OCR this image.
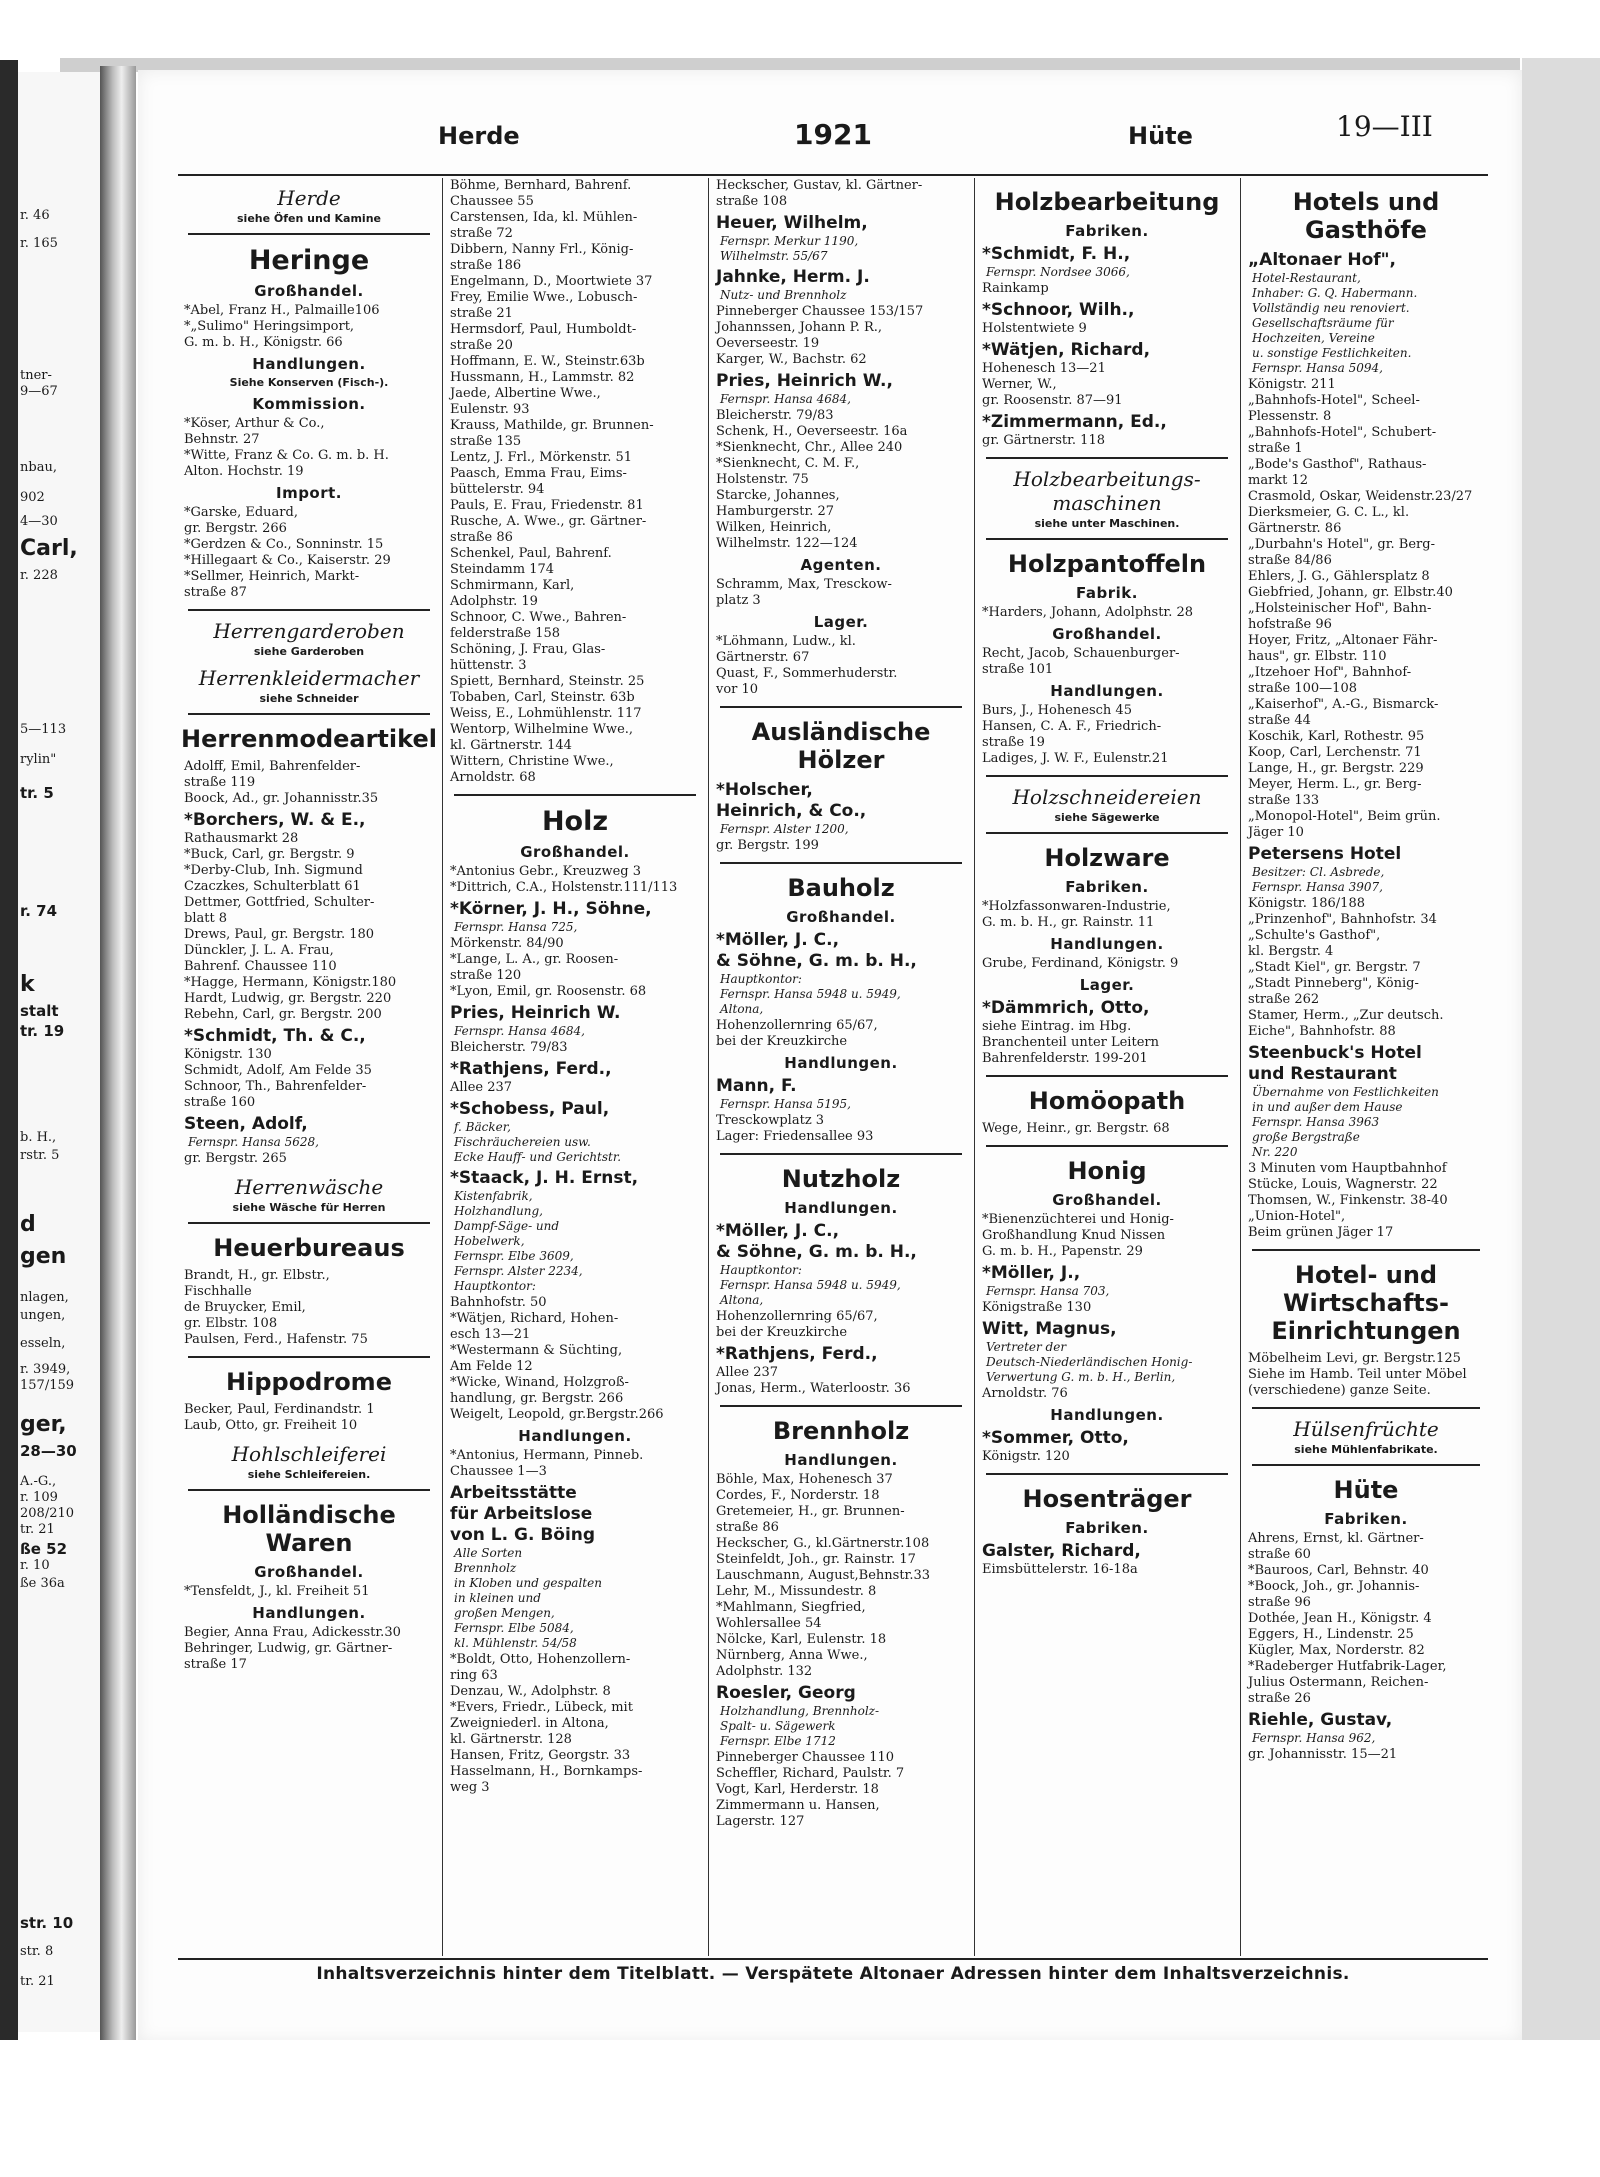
r. 46
r. 165
tner-
9—67
nbau,
902
4—30
Carl,
r. 228
5—113
rylin"
tr. 5
r. 74
k
stalt
tr. 19
b. H.,
rstr. 5
d
gen
nlagen,
ungen,
esseln,
r. 3949,
157/159
ger,
28—30
A.-G.,
r. 109
208/210
tr. 21
ße 52
r. 10
ße 36a
str. 10
str. 8
tr. 21
Herde	1921	Hüte	19—III
Herde
siehe Öfen und Kamine
Heringe
Großhandel.
*Abel, Franz H., Palmaille106
*„Sulimo" Heringsimport,
G. m. b. H., Königstr. 66
Handlungen.
Siehe Konserven (Fisch-).
Kommission.
*Köser, Arthur & Co.,
Behnstr. 27
*Witte, Franz & Co. G. m. b. H.
Alton. Hochstr. 19
Import.
*Garske, Eduard,
gr. Bergstr. 266
*Gerdzen & Co., Sonninstr. 15
*Hillegaart & Co., Kaiserstr. 29
*Sellmer, Heinrich, Markt-
straße 87
Herrengarderoben
siehe Garderoben
Herrenkleidermacher
siehe Schneider
Herrenmodeartikel
Adolff, Emil, Bahrenfelder-
straße 119
Boock, Ad., gr. Johannisstr.35
*Borchers, W. & E.,
Rathausmarkt 28
*Buck, Carl, gr. Bergstr. 9
*Derby-Club, Inh. Sigmund
Czaczkes, Schulterblatt 61
Dettmer, Gottfried, Schulter-
blatt 8
Drews, Paul, gr. Bergstr. 180
Dünckler, J. L. A. Frau,
Bahrenf. Chaussee 110
*Hagge, Hermann, Königstr.180
Hardt, Ludwig, gr. Bergstr. 220
Rebehn, Carl, gr. Bergstr. 200
*Schmidt, Th. & C.,
Königstr. 130
Schmidt, Adolf, Am Felde 35
Schnoor, Th., Bahrenfelder-
straße 160
Steen, Adolf,
Fernspr. Hansa 5628,
gr. Bergstr. 265
Herrenwäsche
siehe Wäsche für Herren
Heuerbureaus
Brandt, H., gr. Elbstr.,
Fischhalle
de Bruycker, Emil,
gr. Elbstr. 108
Paulsen, Ferd., Hafenstr. 75
Hippodrome
Becker, Paul, Ferdinandstr. 1
Laub, Otto, gr. Freiheit 10
Hohlschleiferei
siehe Schleifereien.
Holländische Waren
Großhandel.
*Tensfeldt, J., kl. Freiheit 51
Handlungen.
Begier, Anna Frau, Adickesstr.30
Behringer, Ludwig, gr. Gärtner-
straße 17
Böhme, Bernhard, Bahrenf.
Chaussee 55
Carstensen, Ida, kl. Mühlen-
straße 72
Dibbern, Nanny Frl., König-
straße 186
Engelmann, D., Moortwiete 37
Frey, Emilie Wwe., Lobusch-
straße 21
Hermsdorf, Paul, Humboldt-
straße 20
Hoffmann, E. W., Steinstr.63b
Hussmann, H., Lammstr. 82
Jaede, Albertine Wwe.,
Eulenstr. 93
Krauss, Mathilde, gr. Brunnen-
straße 135
Lentz, J. Frl., Mörkenstr. 51
Paasch, Emma Frau, Eims-
büttelerstr. 94
Pauls, E. Frau, Friedenstr. 81
Rusche, A. Wwe., gr. Gärtner-
straße 86
Schenkel, Paul, Bahrenf.
Steindamm 174
Schmirmann, Karl,
Adolphstr. 19
Schnoor, C. Wwe., Bahren-
felderstraße 158
Schöning, J. Frau, Glas-
hüttenstr. 3
Spiett, Bernhard, Steinstr. 25
Tobaben, Carl, Steinstr. 63b
Weiss, E., Lohmühlenstr. 117
Wentorp, Wilhelmine Wwe.,
kl. Gärtnerstr. 144
Wittern, Christine Wwe.,
Arnoldstr. 68
Holz
Großhandel.
*Antonius Gebr., Kreuzweg 3
*Dittrich, C.A., Holstenstr.111/113
*Körner, J. H., Söhne,
Fernspr. Hansa 725,
Mörkenstr. 84/90
*Lange, L. A., gr. Roosen-
straße 120
*Lyon, Emil, gr. Roosenstr. 68
Pries, Heinrich W.
Fernspr. Hansa 4684,
Bleicherstr. 79/83
*Rathjens, Ferd.,
Allee 237
*Schobess, Paul,
f. Bäcker,
Fischräuchereien usw.
Ecke Hauff- und Gerichtstr.
*Staack, J. H. Ernst,
Kistenfabrik,
Holzhandlung,
Dampf-Säge- und
Hobelwerk,
Fernspr. Elbe 3609,
Fernspr. Alster 2234,
Hauptkontor:
Bahnhofstr. 50
*Wätjen, Richard, Hohen-
esch 13—21
*Westermann & Süchting,
Am Felde 12
*Wicke, Winand, Holzgroß-
handlung, gr. Bergstr. 266
Weigelt, Leopold, gr.Bergstr.266
Handlungen.
*Antonius, Hermann, Pinneb.
Chaussee 1—3
Arbeitsstätte
für Arbeitslose
von L. G. Böing
Alle Sorten
Brennholz
in Kloben und gespalten
in kleinen und
großen Mengen,
Fernspr. Elbe 5084,
kl. Mühlenstr. 54/58
*Boldt, Otto, Hohenzollern-
ring 63
Denzau, W., Adolphstr. 8
*Evers, Friedr., Lübeck, mit
Zweigniederl. in Altona,
kl. Gärtnerstr. 128
Hansen, Fritz, Georgstr. 33
Hasselmann, H., Bornkamps-
weg 3
Heckscher, Gustav, kl. Gärtner-
straße 108
Heuer, Wilhelm,
Fernspr. Merkur 1190,
Wilhelmstr. 55/67
Jahnke, Herm. J.
Nutz- und Brennholz
Pinneberger Chaussee 153/157
Johannssen, Johann P. R.,
Oeverseestr. 19
Karger, W., Bachstr. 62
Pries, Heinrich W.,
Fernspr. Hansa 4684,
Bleicherstr. 79/83
Schenk, H., Oeverseestr. 16a
*Sienknecht, Chr., Allee 240
*Sienknecht, C. M. F.,
Holstenstr. 75
Starcke, Johannes,
Hamburgerstr. 27
Wilken, Heinrich,
Wilhelmstr. 122—124
Agenten.
Schramm, Max, Tresckow-
platz 3
Lager.
*Löhmann, Ludw., kl.
Gärtnerstr. 67
Quast, F., Sommerhuderstr.
vor 10
Ausländische Hölzer
*Holscher,
Heinrich, & Co.,
Fernspr. Alster 1200,
gr. Bergstr. 199
Bauholz
Großhandel.
*Möller, J. C.,
& Söhne, G. m. b. H.,
Hauptkontor:
Fernspr. Hansa 5948 u. 5949,
Altona,
Hohenzollernring 65/67,
bei der Kreuzkirche
Handlungen.
Mann, F.
Fernspr. Hansa 5195,
Tresckowplatz 3
Lager: Friedensallee 93
Nutzholz
Handlungen.
*Möller, J. C.,
& Söhne, G. m. b. H.,
Hauptkontor:
Fernspr. Hansa 5948 u. 5949,
Altona,
Hohenzollernring 65/67,
bei der Kreuzkirche
*Rathjens, Ferd.,
Allee 237
Jonas, Herm., Waterloostr. 36
Brennholz
Handlungen.
Böhle, Max, Hohenesch 37
Cordes, F., Norderstr. 18
Gretemeier, H., gr. Brunnen-
straße 86
Heckscher, G., kl.Gärtnerstr.108
Steinfeldt, Joh., gr. Rainstr. 17
Lauschmann, August,Behnstr.33
Lehr, M., Missundestr. 8
*Mahlmann, Siegfried,
Wohlersallee 54
Nölcke, Karl, Eulenstr. 18
Nürnberg, Anna Wwe.,
Adolphstr. 132
Roesler, Georg
Holzhandlung, Brennholz-
Spalt- u. Sägewerk
Fernspr. Elbe 1712
Pinneberger Chaussee 110
Scheffler, Richard, Paulstr. 7
Vogt, Karl, Herderstr. 18
Zimmermann u. Hansen,
Lagerstr. 127
Holzbearbeitung
Fabriken.
*Schmidt, F. H.,
Fernspr. Nordsee 3066,
Rainkamp
*Schnoor, Wilh.,
Holstentwiete 9
*Wätjen, Richard,
Hohenesch 13—21
Werner, W.,
gr. Roosenstr. 87—91
*Zimmermann, Ed.,
gr. Gärtnerstr. 118
Holzbearbeitungs- maschinen
siehe unter Maschinen.
Holzpantoffeln
Fabrik.
*Harders, Johann, Adolphstr. 28
Großhandel.
Recht, Jacob, Schauenburger-
straße 101
Handlungen.
Burs, J., Hohenesch 45
Hansen, C. A. F., Friedrich-
straße 19
Ladiges, J. W. F., Eulenstr.21
Holzschneidereien
siehe Sägewerke
Holzware
Fabriken.
*Holzfassonwaren-Industrie,
G. m. b. H., gr. Rainstr. 11
Handlungen.
Grube, Ferdinand, Königstr. 9
Lager.
*Dämmrich, Otto,
siehe Eintrag. im Hbg.
Branchenteil unter Leitern
Bahrenfelderstr. 199-201
Homöopath
Wege, Heinr., gr. Bergstr. 68
Honig
Großhandel.
*Bienenzüchterei und Honig-
Großhandlung Knud Nissen
G. m. b. H., Papenstr. 29
*Möller, J.,
Fernspr. Hansa 703,
Königstraße 130
Witt, Magnus,
Vertreter der
Deutsch-Niederländischen Honig-
Verwertung G. m. b. H., Berlin,
Arnoldstr. 76
Handlungen.
*Sommer, Otto,
Königstr. 120
Hosenträger
Fabriken.
Galster, Richard,
Eimsbüttelerstr. 16-18a
Hotels und Gasthöfe
„Altonaer Hof",
Hotel-Restaurant,
Inhaber: G. Q. Habermann.
Vollständig neu renoviert.
Gesellschaftsräume für
Hochzeiten, Vereine
u. sonstige Festlichkeiten.
Fernspr. Hansa 5094,
Königstr. 211
„Bahnhofs-Hotel", Scheel-
Plessenstr. 8
„Bahnhofs-Hotel", Schubert-
straße 1
„Bode's Gasthof", Rathaus-
markt 12
Crasmold, Oskar, Weidenstr.23/27
Dierksmeier, G. C. L., kl.
Gärtnerstr. 86
„Durbahn's Hotel", gr. Berg-
straße 84/86
Ehlers, J. G., Gählersplatz 8
Giebfried, Johann, gr. Elbstr.40
„Holsteinischer Hof", Bahn-
hofstraße 96
Hoyer, Fritz, „Altonaer Fähr-
haus", gr. Elbstr. 110
„Itzehoer Hof", Bahnhof-
straße 100—108
„Kaiserhof", A.-G., Bismarck-
straße 44
Koschik, Karl, Rothestr. 95
Koop, Carl, Lerchenstr. 71
Lange, H., gr. Bergstr. 229
Meyer, Herm. L., gr. Berg-
straße 133
„Monopol-Hotel", Beim grün.
Jäger 10
Petersens Hotel
Besitzer: Cl. Asbrede,
Fernspr. Hansa 3907,
Königstr. 186/188
„Prinzenhof", Bahnhofstr. 34
„Schulte's Gasthof",
kl. Bergstr. 4
„Stadt Kiel", gr. Bergstr. 7
„Stadt Pinneberg", König-
straße 262
Stamer, Herm., „Zur deutsch.
Eiche", Bahnhofstr. 88
Steenbuck's Hotel
und Restaurant
Übernahme von Festlichkeiten
in und außer dem Hause
Fernspr. Hansa 3963
große Bergstraße
Nr. 220
3 Minuten vom Hauptbahnhof
Stücke, Louis, Wagnerstr. 22
Thomsen, W., Finkenstr. 38-40
„Union-Hotel",
Beim grünen Jäger 17
Hotel- und Wirtschafts- Einrichtungen
Möbelheim Levi, gr. Bergstr.125
Siehe im Hamb. Teil unter Möbel
(verschiedene) ganze Seite.
Hülsenfrüchte
siehe Mühlenfabrikate.
Hüte
Fabriken.
Ahrens, Ernst, kl. Gärtner-
straße 60
*Bauroos, Carl, Behnstr. 40
*Boock, Joh., gr. Johannis-
straße 96
Dothée, Jean H., Königstr. 4
Eggers, H., Lindenstr. 25
Kügler, Max, Norderstr. 82
*Radeberger Hutfabrik-Lager,
Julius Ostermann, Reichen-
straße 26
Riehle, Gustav,
Fernspr. Hansa 962,
gr. Johannisstr. 15—21
Inhaltsverzeichnis hinter dem Titelblatt. — Verspätete Altonaer Adressen hinter dem Inhaltsverzeichnis.
